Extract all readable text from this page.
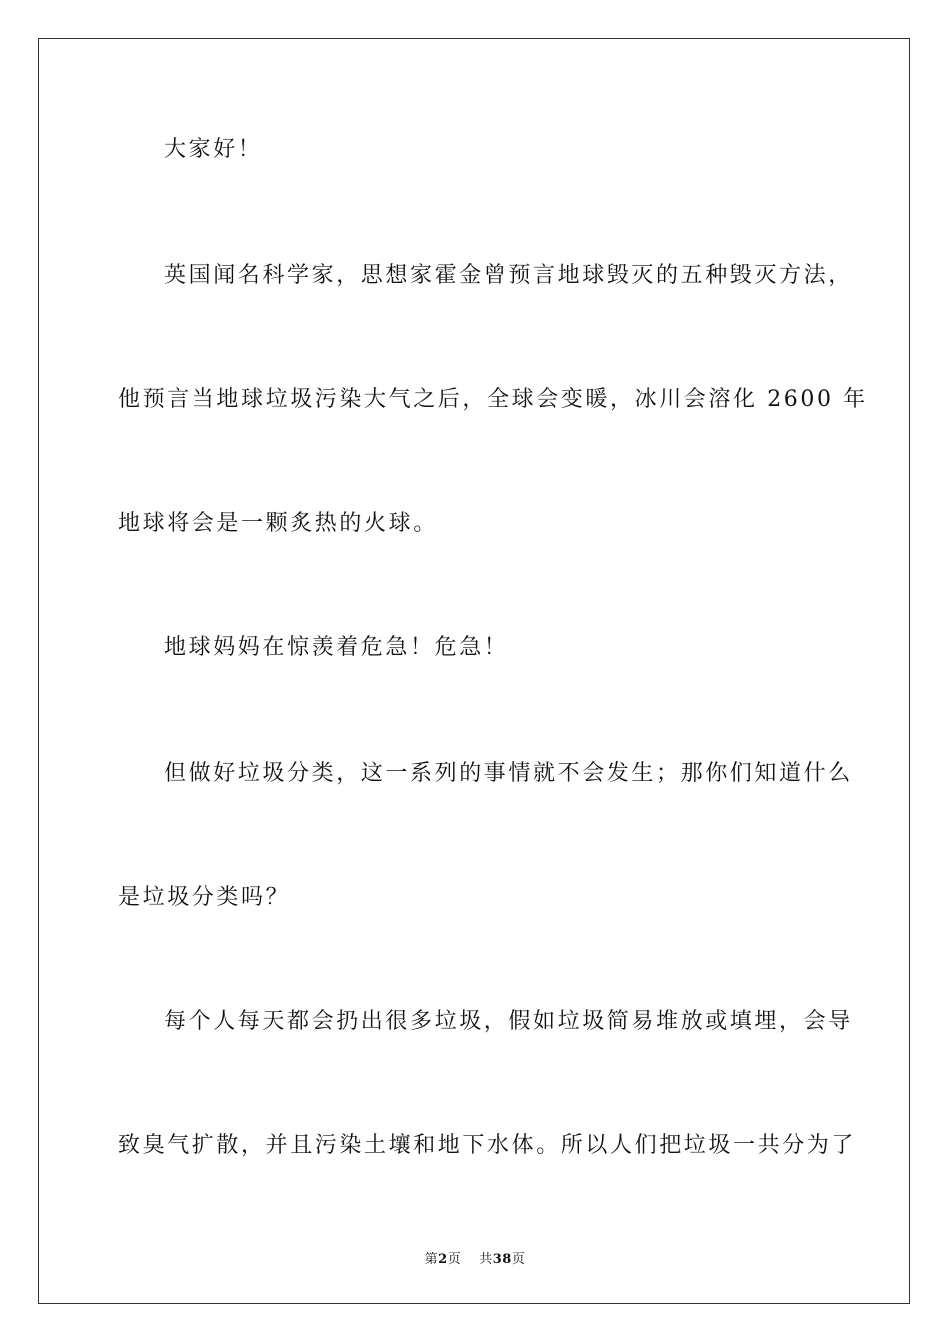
大家好！
英国闻名科学家，思想家霍金曾预言地球毁灭的五种毁灭方法，
他预言当地球垃圾污染大气之后，全球会变暖，冰川会溶化 2600 年
地球将会是一颗炙热的火球。
地球妈妈在惊羡着危急！危急！
但做好垃圾分类，这一系列的事情就不会发生；那你们知道什么
是垃圾分类吗？
每个人每天都会扔出很多垃圾，假如垃圾简易堆放或填埋，会导
致臭气扩散，并且污染土壤和地下水体。所以人们把垃圾一共分为了
第2页 共38页
